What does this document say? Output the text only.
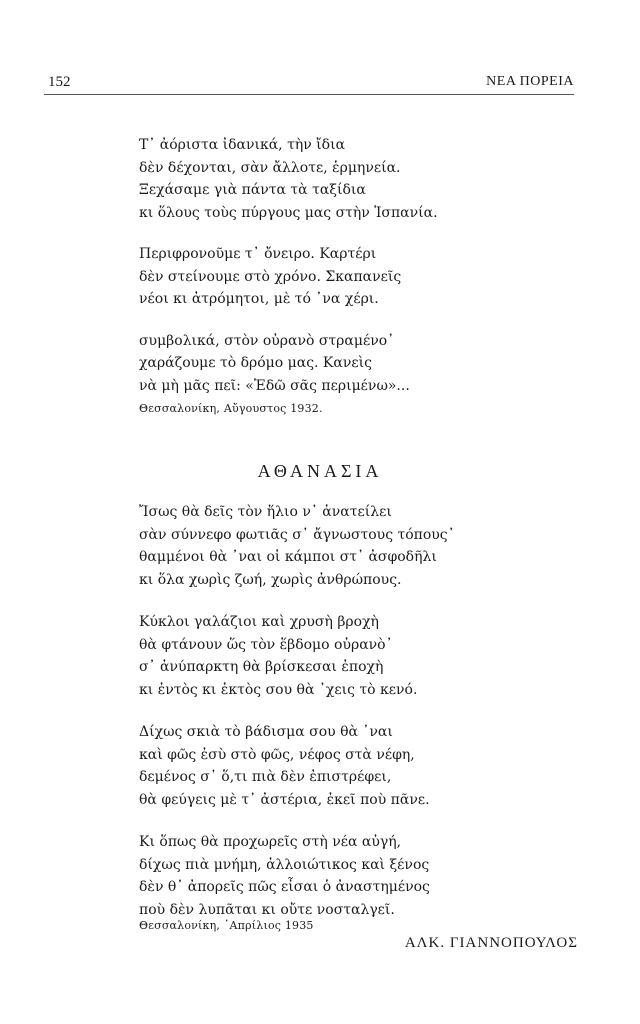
152	ΝΕΑ ΠΟΡΕΙΑ
Τ᾿ ἀόριστα ἰδανικά, τὴν ἴδια
δὲν δέχονται, σὰν ἄλλοτε, ἑρμηνεία.
Ξεχάσαμε γιὰ πάντα τὰ ταξίδια
κι ὅλους τοὺς πύργους μας στὴν Ἱσπανία.
Περιφρονοῦμε τ᾿ ὄνειρο. Καρτέρι
δὲν στείνουμε στὸ χρόνο. Σκαπανεῖς
νέοι κι ἀτρόμητοι, μὲ τό ᾿να χέρι.
συμβολικά, στὸν οὐρανὸ στραμένο᾿
χαράζουμε τὸ δρόμο μας. Κανεὶς
νὰ μὴ μᾶς πεῖ: «Ἐδῶ σᾶς περιμένω»...
Θεσσαλονίκη, Αὔγουστος 1932.
ΑΘΑΝΑΣΙΑ
Ἴσως θὰ δεῖς τὸν ἥλιο ν᾿ ἀνατείλει
σὰν σύννεφο φωτιᾶς σ᾿ ἄγνωστους τόπους᾿
θαμμένοι θὰ ᾿ναι οἱ κάμποι στ᾿ ἀσφοδῆλι
κι ὅλα χωρὶς ζωή, χωρὶς ἀνθρώπους.
Κύκλοι γαλάζιοι καὶ χρυσὴ βροχὴ
θὰ φτάνουν ὥς τὸν ἕβδομο οὐρανὸ᾿
σ᾿ ἀνύπαρκτη θὰ βρίσκεσαι ἐποχὴ
κι ἐντὸς κι ἐκτὸς σου θὰ ᾿χεις τὸ κενό.
Δίχως σκιὰ τὸ βάδισμα σου θὰ ᾿ναι
καὶ φῶς ἐσὺ στὸ φῶς, νέφος στὰ νέφη,
δεμένος σ᾿ ὅ,τι πιὰ δὲν ἐπιστρέφει,
θὰ φεύγεις μὲ τ᾿ ἀστέρια, ἐκεῖ ποὺ πᾶνε.
Κι ὅπως θὰ προχωρεῖς στὴ νέα αὐγή,
δίχως πιὰ μνήμη, ἀλλοιώτικος καὶ ξένος
δὲν θ᾿ ἀπορεῖς πῶς εἶσαι ὁ ἀναστημένος
ποὺ δὲν λυπᾶται κι οὔτε νοσταλγεῖ.
Θεσσαλονίκη, ᾿Απρίλιος 1935
ΑΛΚ. ΓΙΑΝΝΟΠΟΥΛΟΣ
